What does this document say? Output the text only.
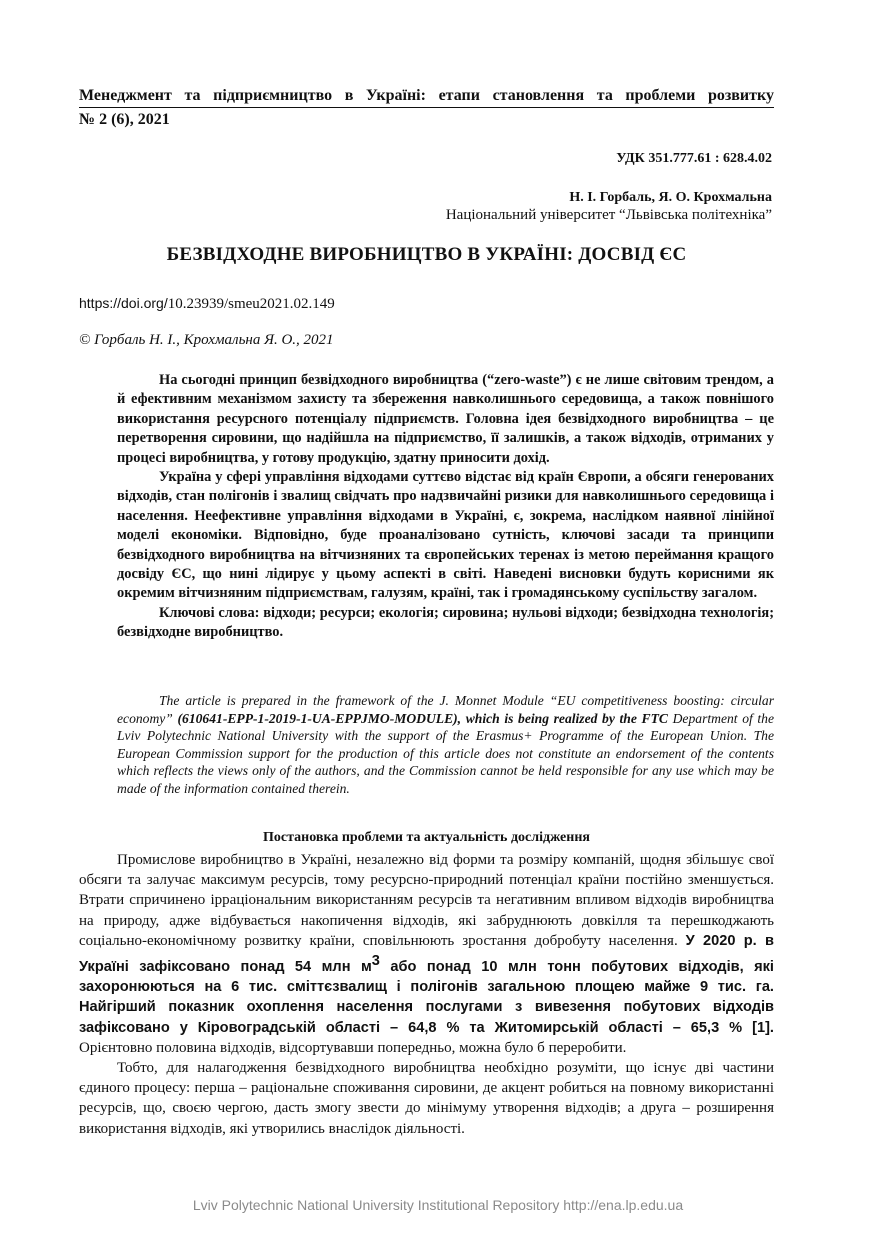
Менеджмент та підприємництво в Україні: етапи становлення та проблеми розвитку
№ 2 (6), 2021
УДК 351.777.61 : 628.4.02
Н. І. Горбаль, Я. О. Крохмальна
Національний університет “Львівська політехніка”
БЕЗВІДХОДНЕ ВИРОБНИЦТВО В УКРАЇНІ: ДОСВІД ЄС
https://doi.org/10.23939/smeu2021.02.149
© Горбаль Н. І., Крохмальна Я. О., 2021

На сьогодні принцип безвідходного виробництва (“zero-waste”) є не лише світовим трендом, а й ефективним механізмом захисту та збереження навколишнього середовища, а також повнішого використання ресурсного потенціалу підприємств. Головна ідея безвідходного виробництва – це перетворення сировини, що надійшла на підприємство, її залишків, а також відходів, отриманих у процесі виробництва, у готову продукцію, здатну приносити дохід.

Україна у сфері управління відходами суттєво відстає від країн Європи, а обсяги генерованих відходів, стан полігонів і звалищ свідчать про надзвичайні ризики для навколишнього середовища і населення. Неефективне управління відходами в Україні, є, зокрема, наслідком наявної лінійної моделі економіки. Відповідно, буде проаналізовано сутність, ключові засади та принципи безвідходного виробництва на вітчизняних та європейських теренах із метою переймання кращого досвіду ЄС, що нині лідирує у цьому аспекті в світі. Наведені висновки будуть корисними як окремим вітчизняним підприємствам, галузям, країні, так і громадянському суспільству загалом.

Ключові слова: відходи; ресурси; екологія; сировина; нульові відходи; безвідходна технологія; безвідходне виробництво.

The article is prepared in the framework of the J. Monnet Module “EU competitiveness boosting: circular economy” (610641-EPP-1-2019-1-UA-EPPJMO-MODULE), which is being realized by the FTC Department of the Lviv Polytechnic National University with the support of the Erasmus+ Programme of the European Union. The European Commission support for the production of this article does not constitute an endorsement of the contents which reflects the views only of the authors, and the Commission cannot be held responsible for any use which may be made of the information contained therein.
Постановка проблеми та актуальність дослідження

Промислове виробництво в Україні, незалежно від форми та розміру компаній, щодня збільшує свої обсяги та залучає максимум ресурсів, тому ресурсно-природний потенціал країни постійно зменшується. Втрати спричинено ірраціональним використанням ресурсів та негативним впливом відходів виробництва на природу, адже відбувається накопичення відходів, які забруднюють довкілля та перешкоджають соціально-економічному розвитку країни, сповільнюють зростання добробуту населення. У 2020 р. в Україні зафіксовано понад 54 млн $м^3$ або понад 10 млн тонн побутових відходів, які захоронюються на 6 тис. сміттєзвалищ і полігонів загальною площею майже 9 тис. га. Найгірший показник охоплення населення послугами з вивезення побутових відходів зафіксовано у Кіровоградській області – 64,8 % та Житомирській області – 65,3 % [1]. Орієнтовно половина відходів, відсортувавши попередньо, можна було б переробити.

Тобто, для налагодження безвідходного виробництва необхідно розуміти, що існує дві частини єдиного процесу: перша – раціональне споживання сировини, де акцент робиться на повному використанні ресурсів, що, своєю чергою, дасть змогу звести до мінімуму утворення відходів; а друга – розширення використання відходів, які утворились внаслідок діяльності.

Lviv Polytechnic National University Institutional Repository http://ena.lp.edu.ua
